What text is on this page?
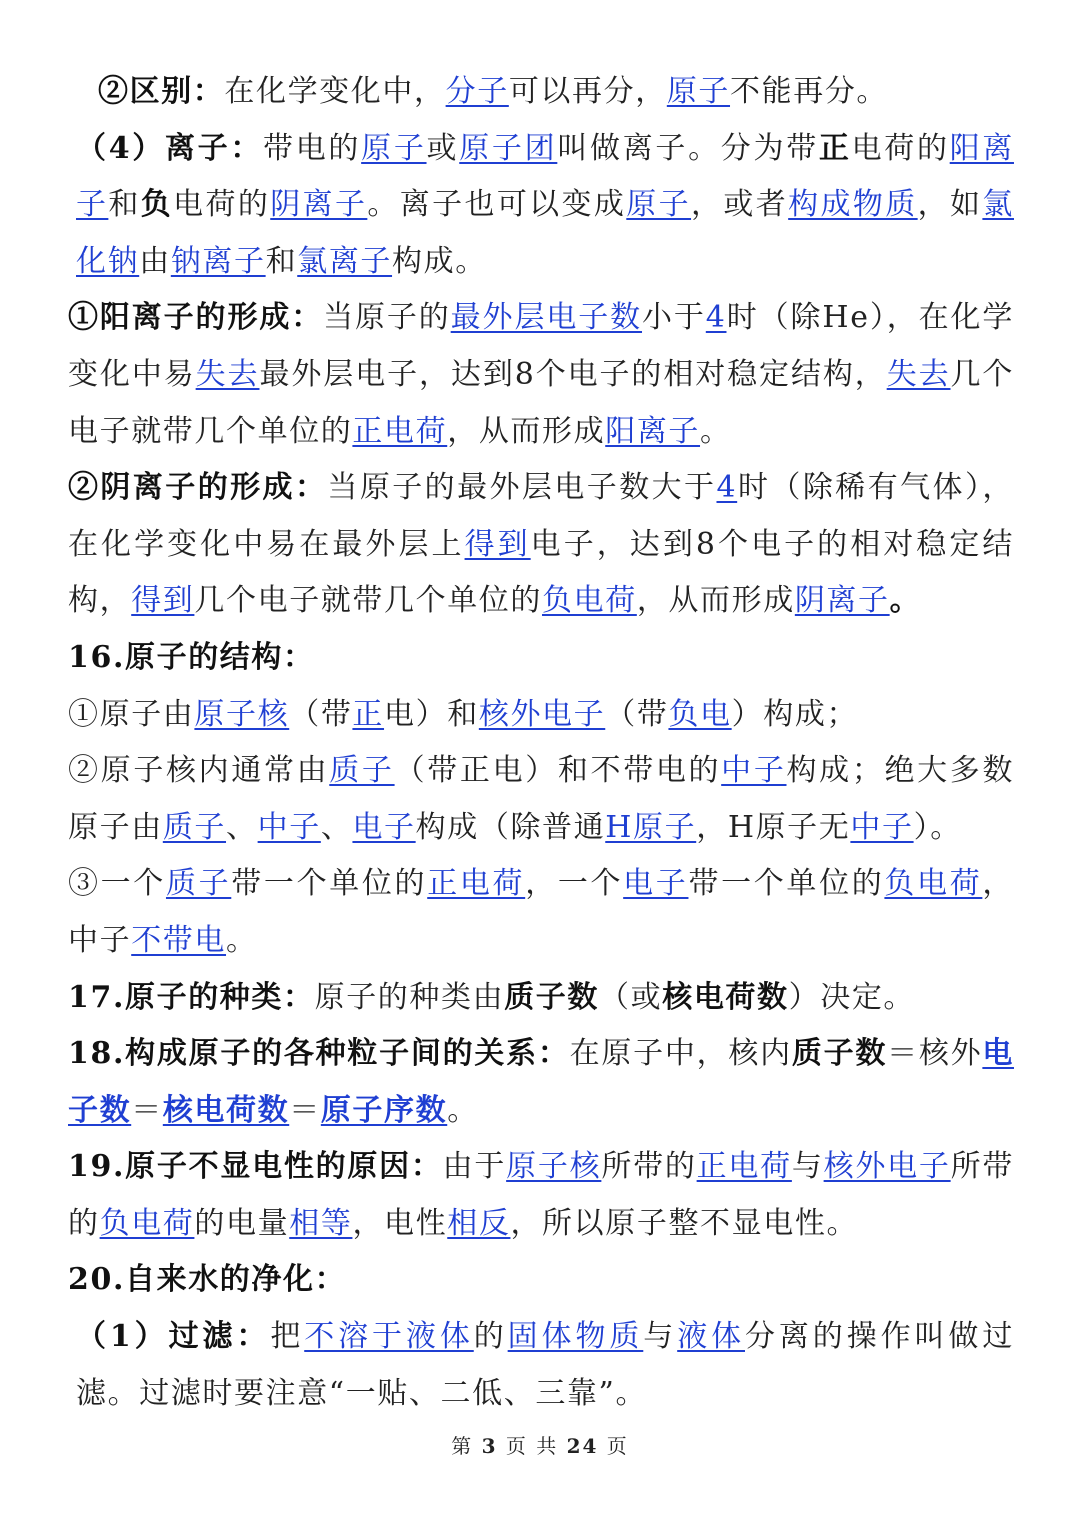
②区别：在化学变化中，分子可以再分，原子不能再分。

（4）离子：带电的原子或原子团叫做离子。分为带正电荷的阳离子和负电荷的阴离子。离子也可以变成原子，或者构成物质，如氯化钠由钠离子和氯离子构成。

①阳离子的形成：当原子的最外层电子数小于4时（除He），在化学变化中易失去最外层电子，达到8个电子的相对稳定结构，失去几个电子就带几个单位的正电荷，从而形成阳离子。

②阴离子的形成：当原子的最外层电子数大于4时（除稀有气体），在化学变化中易在最外层上得到电子，达到8个电子的相对稳定结构，得到几个电子就带几个单位的负电荷，从而形成阴离子。

16.原子的结构：

①原子由原子核（带正电）和核外电子（带负电）构成；

②原子核内通常由质子（带正电）和不带电的中子构成；绝大多数原子由质子、中子、电子构成（除普通H原子，H原子无中子）。

③一个质子带一个单位的正电荷，一个电子带一个单位的负电荷，中子不带电。

17.原子的种类：原子的种类由质子数（或核电荷数）决定。

18.构成原子的各种粒子间的关系：在原子中，核内质子数＝核外电子数＝核电荷数＝原子序数。

19.原子不显电性的原因：由于原子核所带的正电荷与核外电子所带的负电荷的电量相等，电性相反，所以原子整不显电性。

20.自来水的净化：

（1）过滤：把不溶于液体的固体物质与液体分离的操作叫做过滤。过滤时要注意“一贴、二低、三靠”。

第 3 页 共 24 页
